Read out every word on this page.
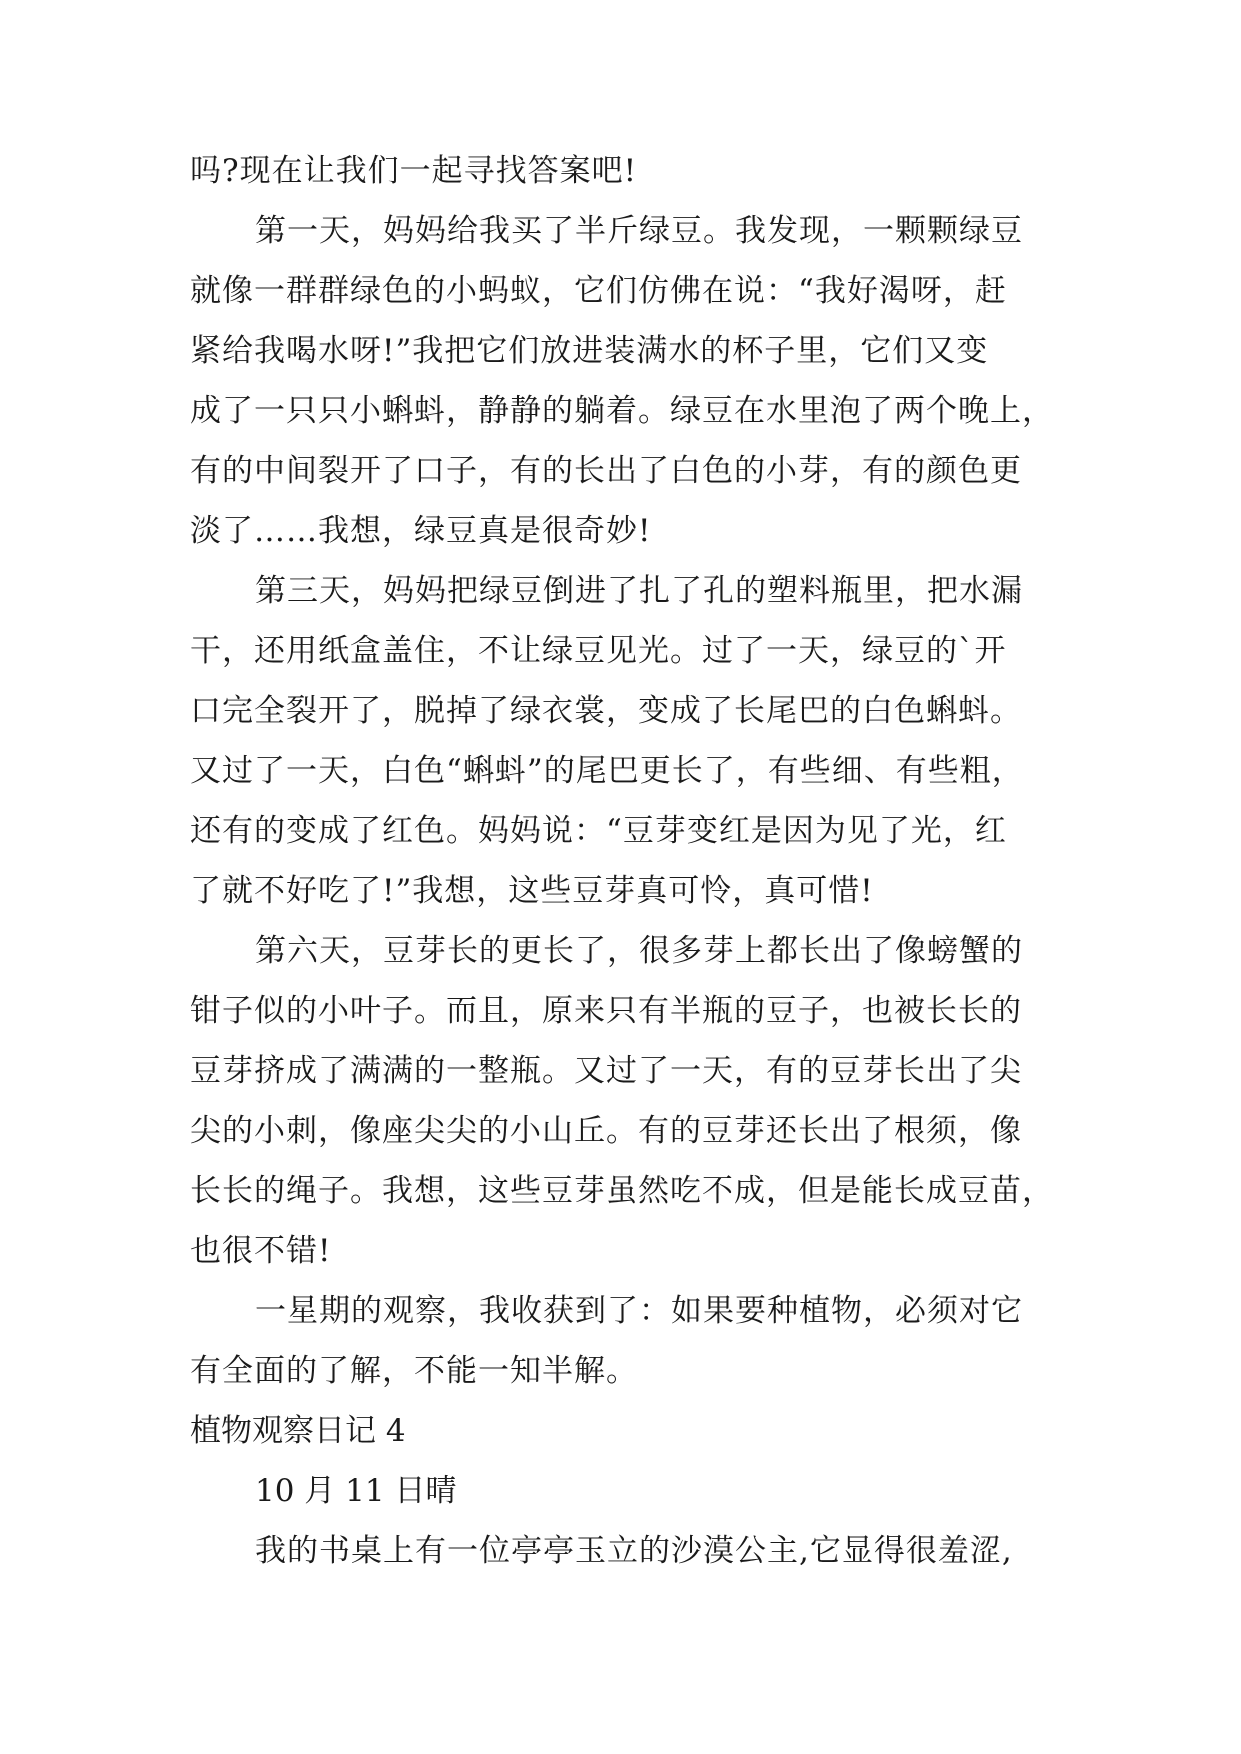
吗?现在让我们一起寻找答案吧!
第一天，妈妈给我买了半斤绿豆。我发现，一颗颗绿豆
就像一群群绿色的小蚂蚁，它们仿佛在说：“我好渴呀，赶
紧给我喝水呀!”我把它们放进装满水的杯子里，它们又变
成了一只只小蝌蚪，静静的躺着。绿豆在水里泡了两个晚上，
有的中间裂开了口子，有的长出了白色的小芽，有的颜色更
淡了……我想，绿豆真是很奇妙!
第三天，妈妈把绿豆倒进了扎了孔的塑料瓶里，把水漏
干，还用纸盒盖住，不让绿豆见光。过了一天，绿豆的`开
口完全裂开了，脱掉了绿衣裳，变成了长尾巴的白色蝌蚪。
又过了一天，白色“蝌蚪”的尾巴更长了，有些细、有些粗，
还有的变成了红色。妈妈说：“豆芽变红是因为见了光，红
了就不好吃了!”我想，这些豆芽真可怜，真可惜!
第六天，豆芽长的更长了，很多芽上都长出了像螃蟹的
钳子似的小叶子。而且，原来只有半瓶的豆子，也被长长的
豆芽挤成了满满的一整瓶。又过了一天，有的豆芽长出了尖
尖的小刺，像座尖尖的小山丘。有的豆芽还长出了根须，像
长长的绳子。我想，这些豆芽虽然吃不成，但是能长成豆苗，
也很不错!
一星期的观察，我收获到了：如果要种植物，必须对它
有全面的了解，不能一知半解。
植物观察日记 4
10 月 11 日晴
我的书桌上有一位亭亭玉立的沙漠公主,它显得很羞涩,
